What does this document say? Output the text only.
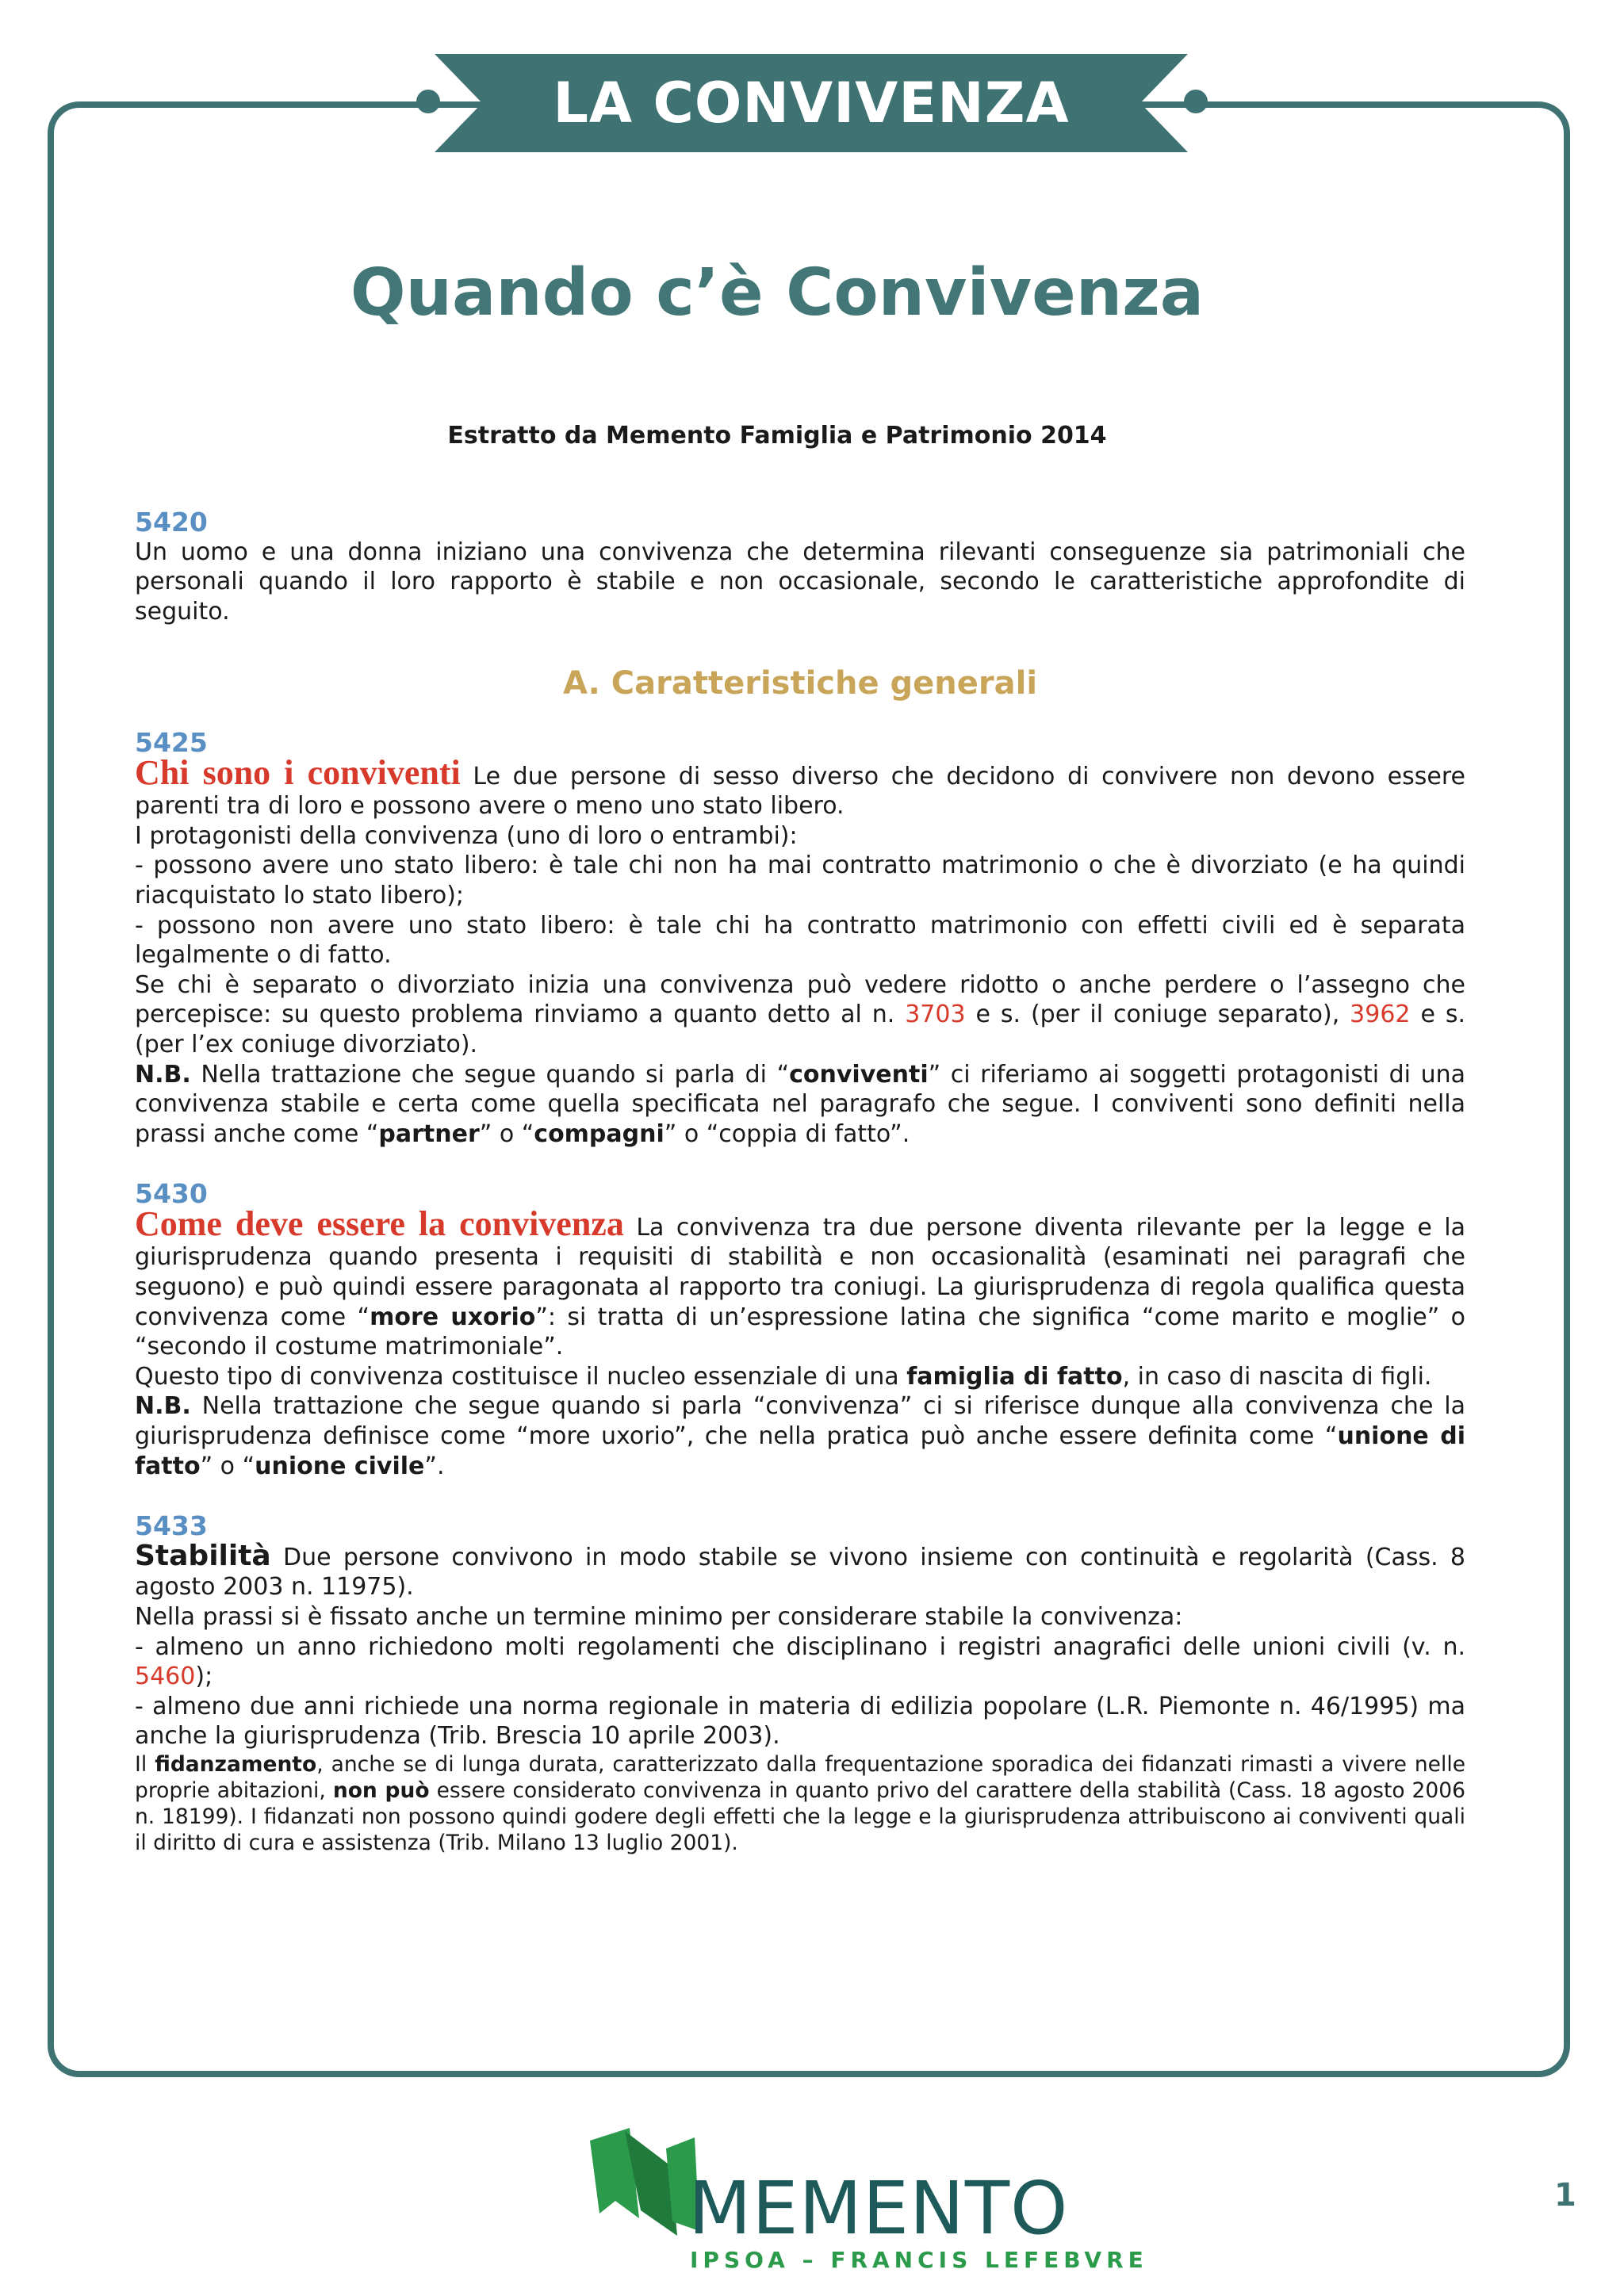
LA CONVIVENZA
Quando c’è Convivenza
Estratto da Memento Famiglia e Patrimonio 2014
5420

Un uomo e una donna iniziano una convivenza che determina rilevanti conseguenze sia patrimoniali che personali quando il loro rapporto è stabile e non occasionale, secondo le caratteristiche approfondite di seguito.

A. Caratteristiche generali
5425

Chi sono i conviventi Le due persone di sesso diverso che decidono di convivere non devono essere parenti tra di loro e possono avere o meno uno stato libero.

I protagonisti della convivenza (uno di loro o entrambi):

- possono avere uno stato libero: è tale chi non ha mai contratto matrimonio o che è divorziato (e ha quindi riacquistato lo stato libero);

- possono non avere uno stato libero: è tale chi ha contratto matrimonio con effetti civili ed è separata legalmente o di fatto.

Se chi è separato o divorziato inizia una convivenza può vedere ridotto o anche perdere o l’assegno che percepisce: su questo problema rinviamo a quanto detto al n. 3703 e s. (per il coniuge separato), 3962 e s. (per l’ex coniuge divorziato).

N.B. Nella trattazione che segue quando si parla di “conviventi” ci riferiamo ai soggetti protagonisti di una convivenza stabile e certa come quella specificata nel paragrafo che segue. I conviventi sono definiti nella prassi anche come “partner” o “compagni” o “coppia di fatto”.

5430

Come deve essere la convivenza La convivenza tra due persone diventa rilevante per la legge e la giurisprudenza quando presenta i requisiti di stabilità e non occasionalità (esaminati nei paragrafi che seguono) e può quindi essere paragonata al rapporto tra coniugi. La giurisprudenza di regola qualifica questa convivenza come “more uxorio”: si tratta di un’espressione latina che significa “come marito e moglie” o “secondo il costume matrimoniale”.

Questo tipo di convivenza costituisce il nucleo essenziale di una famiglia di fatto, in caso di nascita di figli.

N.B. Nella trattazione che segue quando si parla “convivenza” ci si riferisce dunque alla convivenza che la giurisprudenza definisce come “more uxorio”, che nella pratica può anche essere definita come “unione di fatto” o “unione civile”.

5433

Stabilità Due persone convivono in modo stabile se vivono insieme con continuità e regolarità (Cass. 8 agosto 2003 n. 11975).

Nella prassi si è fissato anche un termine minimo per considerare stabile la convivenza:

- almeno un anno richiedono molti regolamenti che disciplinano i registri anagrafici delle unioni civili (v. n. 5460);

- almeno due anni richiede una norma regionale in materia di edilizia popolare (L.R. Piemonte n. 46/1995) ma anche la giurisprudenza (Trib. Brescia 10 aprile 2003).

Il fidanzamento, anche se di lunga durata, caratterizzato dalla frequentazione sporadica dei fidanzati rimasti a vivere nelle proprie abitazioni, non può essere considerato convivenza in quanto privo del carattere della stabilità (Cass. 18 agosto 2006 n. 18199). I fidanzati non possono quindi godere degli effetti che la legge e la giurisprudenza attribuiscono ai conviventi quali il diritto di cura e assistenza (Trib. Milano 13 luglio 2001).

MEMENTO
IPSOA – FRANCIS LEFEBVRE
1
